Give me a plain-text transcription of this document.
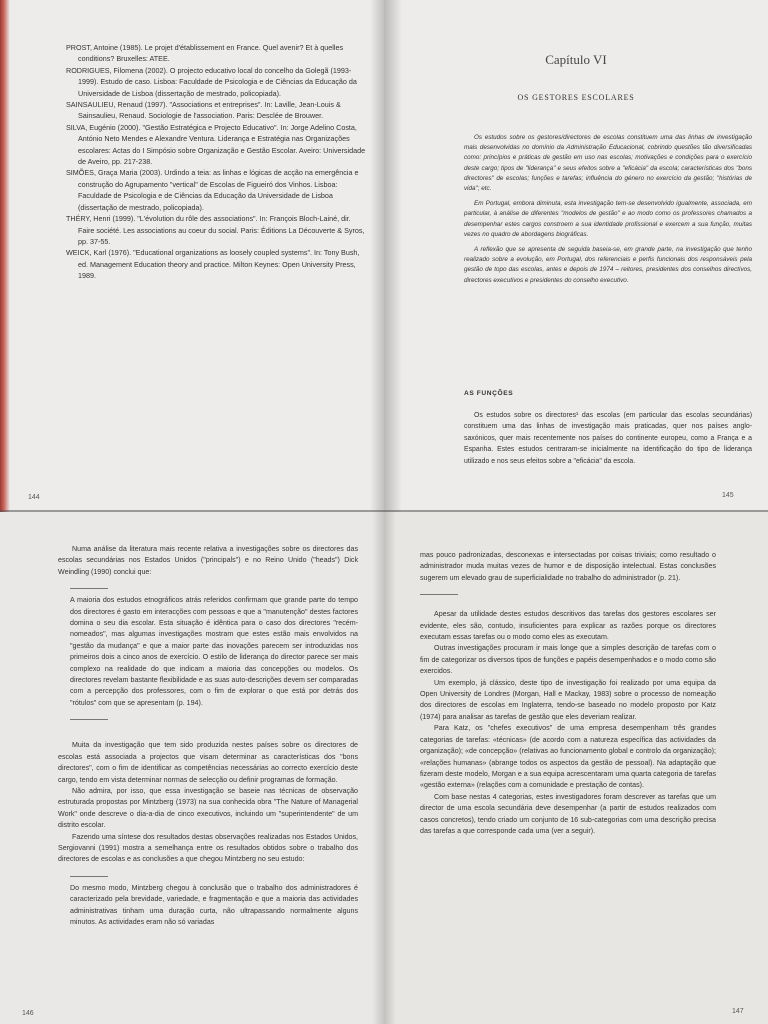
PROST, Antoine (1985). Le projet d'établissement en France. Quel avenir? Et à quelles conditions? Bruxelles: ATEE.

RODRIGUES, Filomena (2002). O projecto educativo local do concelho da Golegã (1993-1999). Estudo de caso. Lisboa: Faculdade de Psicologia e de Ciências da Educação da Universidade de Lisboa (dissertação de mestrado, policopiada).

SAINSAULIEU, Renaud (1997). "Associations et entreprises". In: Laville, Jean-Louis & Sainsaulieu, Renaud. Sociologie de l'association. Paris: Desclée de Brouwer.

SILVA, Eugénio (2000). "Gestão Estratégica e Projecto Educativo". In: Jorge Adelino Costa, António Neto Mendes e Alexandre Ventura. Liderança e Estratégia nas Organizações escolares: Actas do I Simpósio sobre Organização e Gestão Escolar. Aveiro: Universidade de Aveiro, pp. 217-238.

SIMÕES, Graça Maria (2003). Urdindo a teia: as linhas e lógicas de acção na emergência e construção do Agrupamento "vertical" de Escolas de Figueiró dos Vinhos. Lisboa: Faculdade de Psicologia e de Ciências da Educação da Universidade de Lisboa (dissertação de mestrado, policopiada).

THÉRY, Henri (1999). "L'évolution du rôle des associations". In: François Bloch-Lainé, dir. Faire société. Les associations au coeur du social. Paris: Éditions La Découverte & Syros, pp. 37-55.

WEICK, Karl (1976). "Educational organizations as loosely coupled systems". In: Tony Bush, ed. Management Education theory and practice. Milton Keynes: Open University Press, 1989.

144
Capítulo VI
OS GESTORES ESCOLARES

Os estudos sobre os gestores/directores de escolas constituem uma das linhas de investigação mais desenvolvidas no domínio da Administração Educacional, cobrindo questões tão diversificadas como: princípios e práticas de gestão em uso nas escolas; motivações e condições para o exercício deste cargo; tipos de "liderança" e seus efeitos sobre a "eficácia" da escola; características dos "bons directores" de escolas; funções e tarefas; influência do género no exercício da gestão; "histórias de vida"; etc.

Em Portugal, embora diminuta, esta investigação tem-se desenvolvido igualmente, associada, em particular, à análise de diferentes "modelos de gestão" e ao modo como os professores chamados a desempenhar estes cargos constroem a sua identidade profissional e exercem a sua função, muitas vezes no quadro de abordagens biográficas.

A reflexão que se apresenta de seguida baseia-se, em grande parte, na investigação que tenho realizado sobre a evolução, em Portugal, dos referenciais e perfis funcionais dos responsáveis pela gestão de topo das escolas, antes e depois de 1974 – reitores, presidentes dos conselhos directivos, directores executivos e presidentes do conselho executivo.

AS FUNÇÕES

Os estudos sobre os directores¹ das escolas (em particular das escolas secundárias) constituem uma das linhas de investigação mais praticadas, quer nos países anglo-saxónicos, quer mais recentemente nos países do continente europeu, como a França e a Espanha. Estes estudos centraram-se inicialmente na identificação do tipo de liderança utilizado e nos seus efeitos sobre a "eficácia" da escola.

145

Numa análise da literatura mais recente relativa a investigações sobre os directores das escolas secundárias nos Estados Unidos ("principals") e no Reino Unido ("heads") Dick Weindling (1990) conclui que:

A maioria dos estudos etnográficos atrás referidos confirmam que grande parte do tempo dos directores é gasto em interacções com pessoas e que a "manutenção" destes factores domina o seu dia escolar. Esta situação é idêntica para o caso dos directores "recém-nomeados", mas algumas investigações mostram que estes estão mais envolvidos na "gestão da mudança" e que a maior parte das inovações parecem ser introduzidas nos primeiros dois a cinco anos de exercício. O estilo de liderança do director parece ser mais complexo na realidade do que indicam a maioria das concepções ou modelos. Os directores revelam bastante flexibilidade e as suas auto-descrições devem ser comparadas com a percepção dos professores, com o fim de explorar o que está por detrás dos "rótulos" com que se apresentam (p. 194).

Muita da investigação que tem sido produzida nestes países sobre os directores de escolas está associada a projectos que visam determinar as características dos "bons directores", com o fim de identificar as competências necessárias ao correcto exercício deste cargo, tendo em vista determinar normas de selecção ou definir programas de formação.

Não admira, por isso, que essa investigação se baseie nas técnicas de observação estruturada propostas por Mintzberg (1973) na sua conhecida obra "The Nature of Managerial Work" onde descreve o dia-a-dia de cinco executivos, incluindo um "superintendente" de um distrito escolar.

Fazendo uma síntese dos resultados destas observações realizadas nos Estados Unidos, Sergiovanni (1991) mostra a semelhança entre os resultados obtidos sobre o trabalho dos directores de escolas e as conclusões a que chegou Mintzberg no seu estudo:

Do mesmo modo, Mintzberg chegou à conclusão que o trabalho dos administradores é caracterizado pela brevidade, variedade, e fragmentação e que a maioria das actividades administrativas tinham uma duração curta, não ultrapassando normalmente alguns minutos. As actividades eram não só variadas

146

mas pouco padronizadas, desconexas e intersectadas por coisas triviais; como resultado o administrador muda muitas vezes de humor e de disposição intelectual. Estas conclusões sugerem um elevado grau de superficialidade no trabalho do administrador (p. 21).

Apesar da utilidade destes estudos descritivos das tarefas dos gestores escolares ser evidente, eles são, contudo, insuficientes para explicar as razões porque os directores executam essas tarefas ou o modo como eles as executam.

Outras investigações procuram ir mais longe que a simples descrição de tarefas com o fim de categorizar os diversos tipos de funções e papéis desempenhados e o modo como são exercidos.

Um exemplo, já clássico, deste tipo de investigação foi realizado por uma equipa da Open University de Londres (Morgan, Hall e Mackay, 1983) sobre o processo de nomeação dos directores de escolas em Inglaterra, tendo-se baseado no modelo proposto por Katz (1974) para analisar as tarefas de gestão que eles deveriam realizar.

Para Katz, os "chefes executivos" de uma empresa desempenham três grandes categorias de tarefas: «técnicas» (de acordo com a natureza específica das actividades da organização); «de concepção» (relativas ao funcionamento global e controlo da organização); «relações humanas» (abrange todos os aspectos da gestão de pessoal). Na adaptação que fizeram deste modelo, Morgan e a sua equipa acrescentaram uma quarta categoria de tarefas «gestão externa» (relações com a comunidade e prestação de contas).

Com base nestas 4 categorias, estes investigadores foram descrever as tarefas que um director de uma escola secundária deve desempenhar (a partir de estudos realizados com casos concretos), tendo criado um conjunto de 16 sub-categorias com uma descrição precisa das tarefas a que corresponde cada uma (ver a seguir).

147
